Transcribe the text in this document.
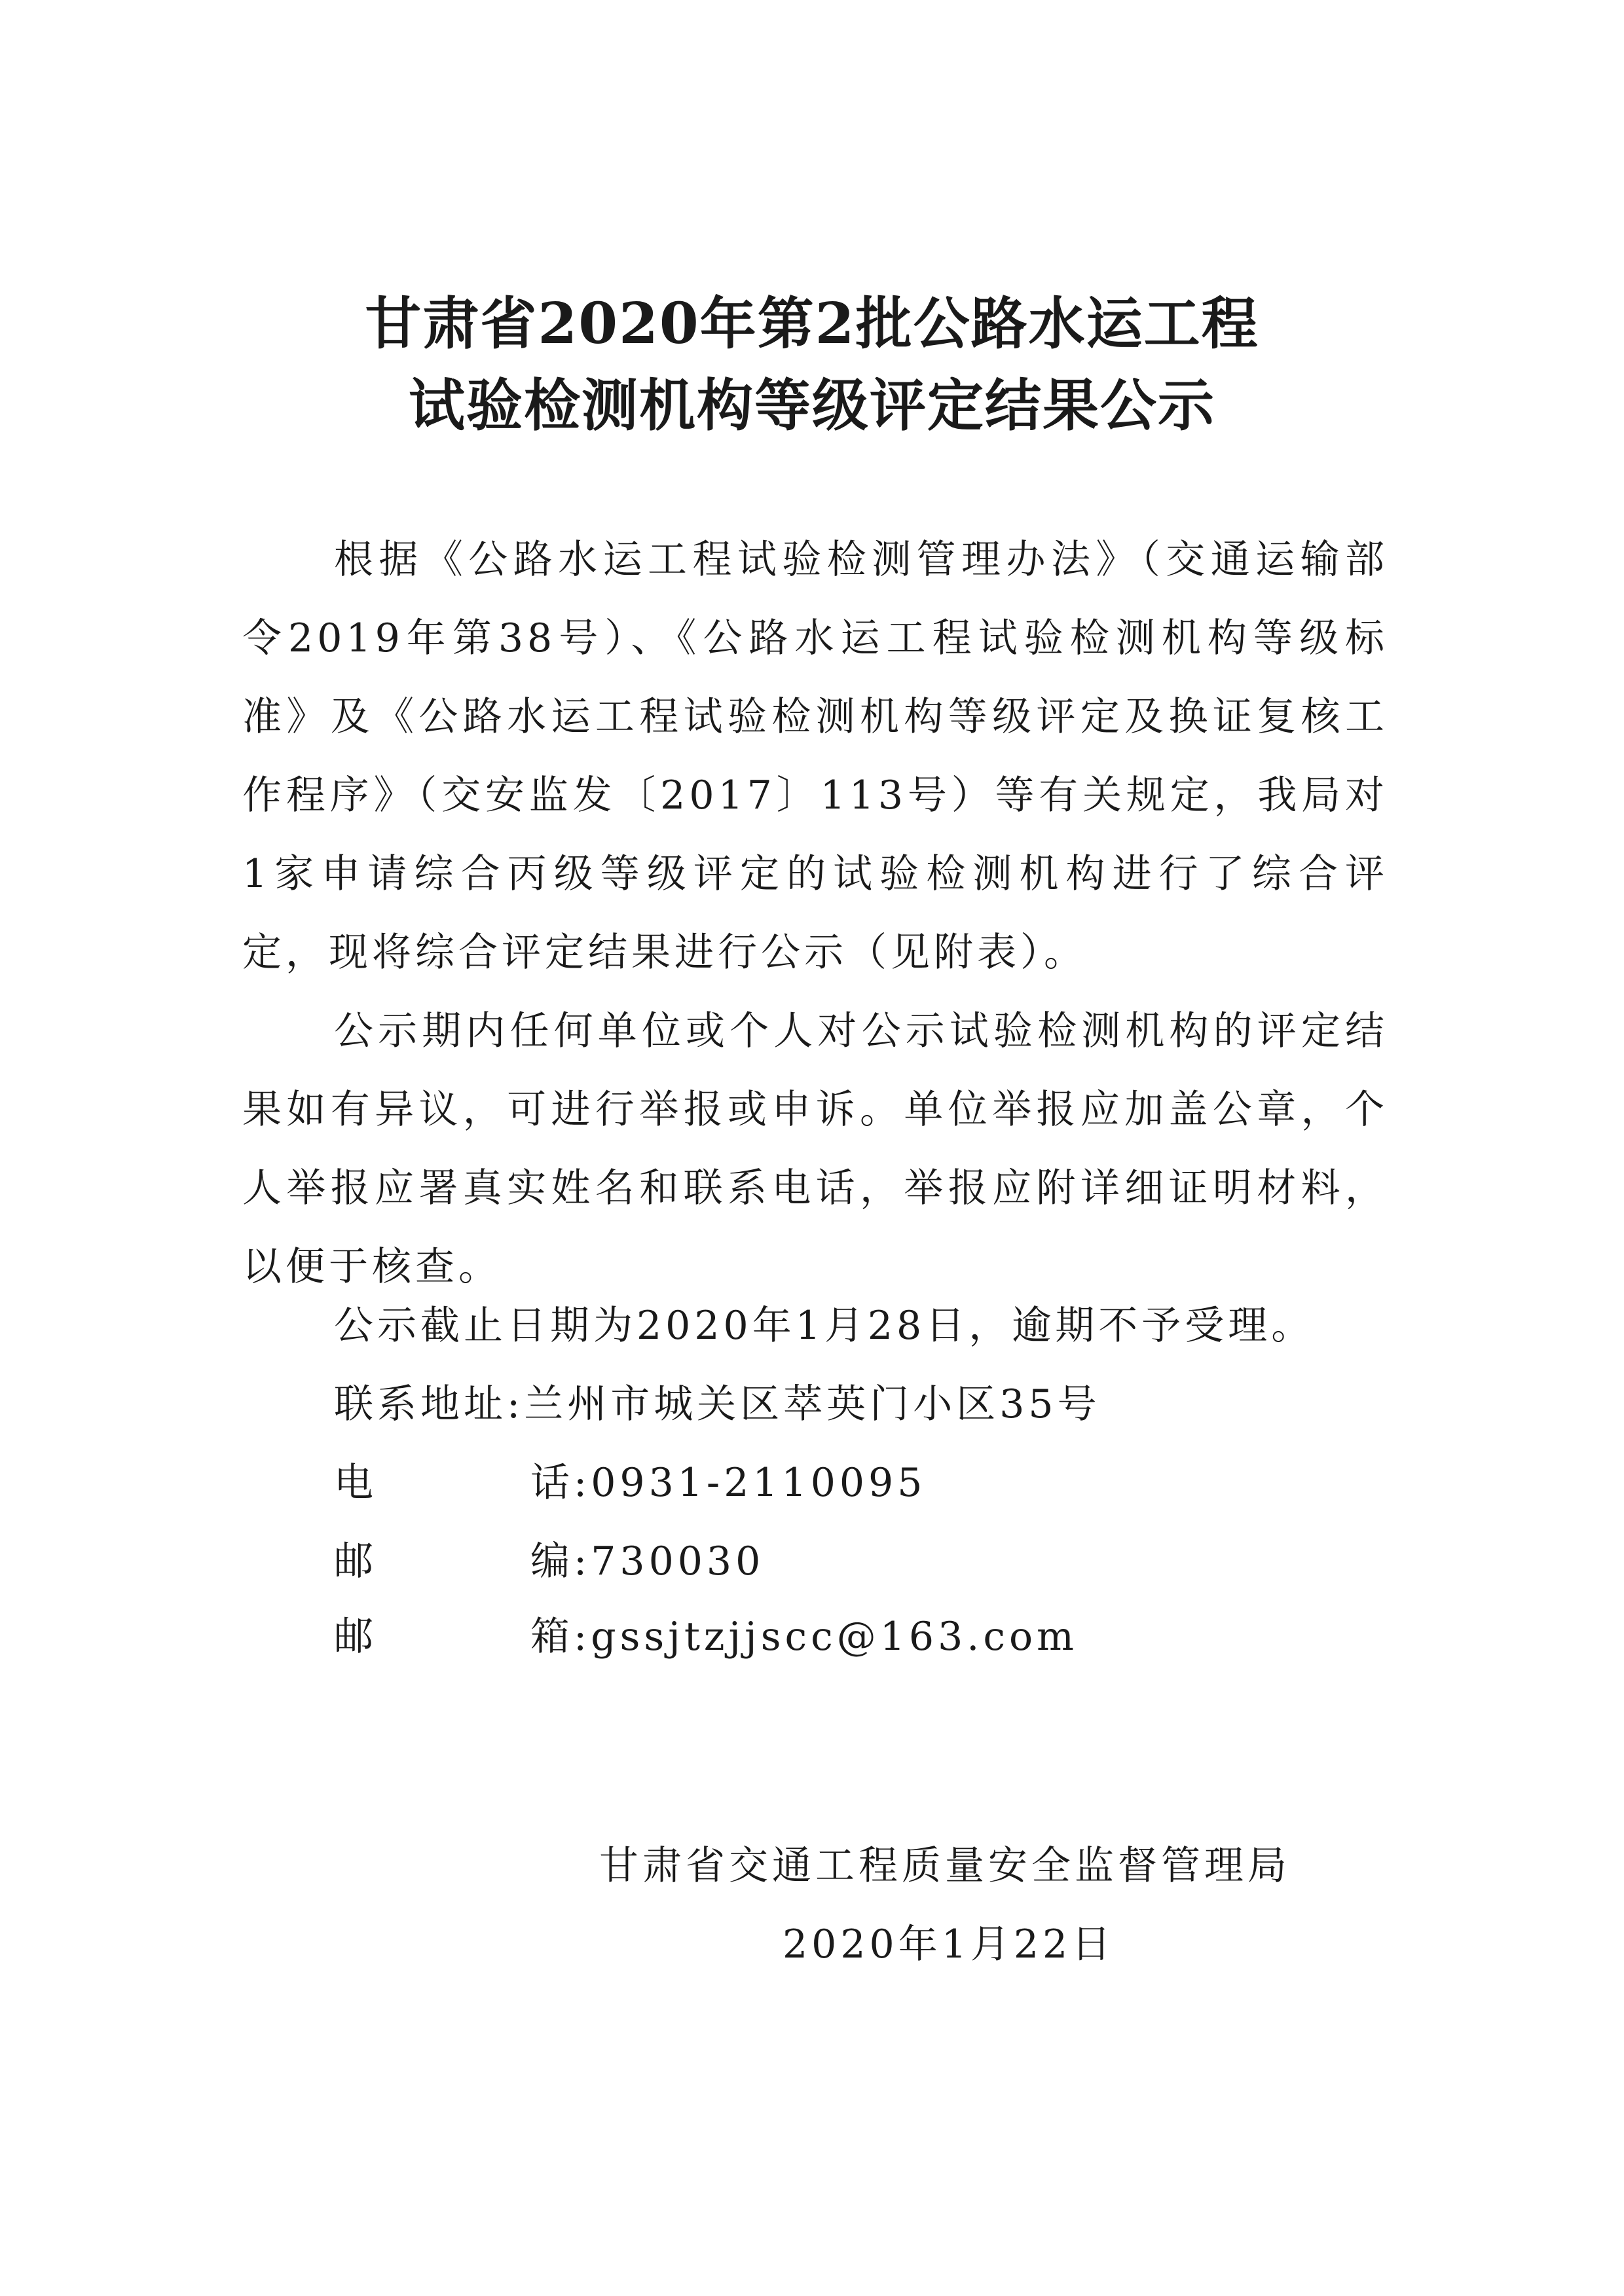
甘肃省2020年第2批公路水运工程
试验检测机构等级评定结果公示
根据《公路水运工程试验检测管理办法》（交通运输部令2019年第38号）、《公路水运工程试验检测机构等级标准》及《公路水运工程试验检测机构等级评定及换证复核工作程序》（交安监发〔2017〕113号）等有关规定，我局对1家申请综合丙级等级评定的试验检测机构进行了综合评定，现将综合评定结果进行公示（见附表）。
公示期内任何单位或个人对公示试验检测机构的评定结果如有异议，可进行举报或申诉。单位举报应加盖公章，个人举报应署真实姓名和联系电话，举报应附详细证明材料，以便于核查。
公示截止日期为2020年1月28日，逾期不予受理。
联系地址:兰州市城关区萃英门小区35号
电	话:0931-2110095
邮	编:730030
邮	箱:gssjtzjjscc@163.com
甘肃省交通工程质量安全监督管理局
2020年1月22日
